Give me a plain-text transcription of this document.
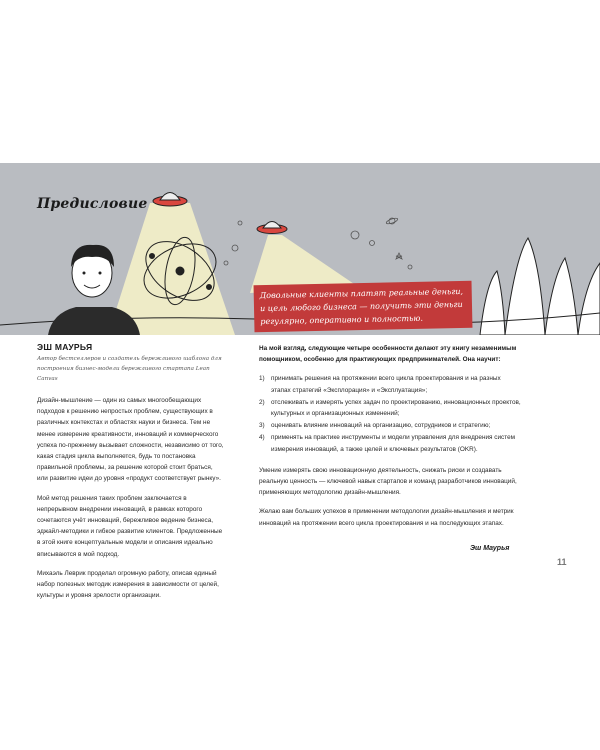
Предисловие
Довольные клиенты платят реальные деньги, и цель любого бизнеса — получить эти деньги регулярно, оперативно и полностью.
ЭШ МАУРЬЯ
Автор бестселлеров и создатель бережливого шаблона для построения бизнес-модели бережливого стартапа Lean Canvas

Дизайн-мышление — один из самых многообещающих подходов к решению непростых проблем, существующих в различных контекстах и областях науки и бизнеса. Тем не менее измерение креативности, инноваций и коммерческого успеха по-прежнему вызывает сложности, независимо от того, какая стадия цикла выполняется, будь то постановка правильной проблемы, за решение которой стоит браться, или развитие идеи до уровня «продукт соответствует рынку».

Мой метод решения таких проблем заключается в непрерывном внедрении инноваций, в рамках которого сочетаются учёт инноваций, бережливое ведение бизнеса, эджайл-методики и гибкое развитие клиентов. Предложенные в этой книге концептуальные модели и описания идеально вписываются в мой подход.

Михаэль Леврик проделал огромную работу, описав единый набор полезных методик измерения в зависимости от целей, культуры и уровня зрелости организации.

На мой взгляд, следующие четыре особенности делают эту книгу незаменимым помощником, особенно для практикующих предпринимателей. Она научит:

1) принимать решения на протяжении всего цикла проектирования и на разных этапах стратегий «Эксплорация» и «Эксплуатация»;
2) отслеживать и измерять успех задач по проектированию, инновационных проектов, культурных и организационных изменений;
3) оценивать влияние инноваций на организацию, сотрудников и стратегию;
4) применять на практике инструменты и модели управления для внедрения систем измерения инноваций, а также целей и ключевых результатов (OKR).

Умение измерять свою инновационную деятельность, снижать риски и создавать реальную ценность — ключевой навык стартапов и команд разработчиков инноваций, применяющих методологию дизайн-мышления.

Желаю вам больших успехов в применении методологии дизайн-мышления и метрик инноваций на протяжении всего цикла проектирования и на последующих этапах.

Эш Маурья
11
